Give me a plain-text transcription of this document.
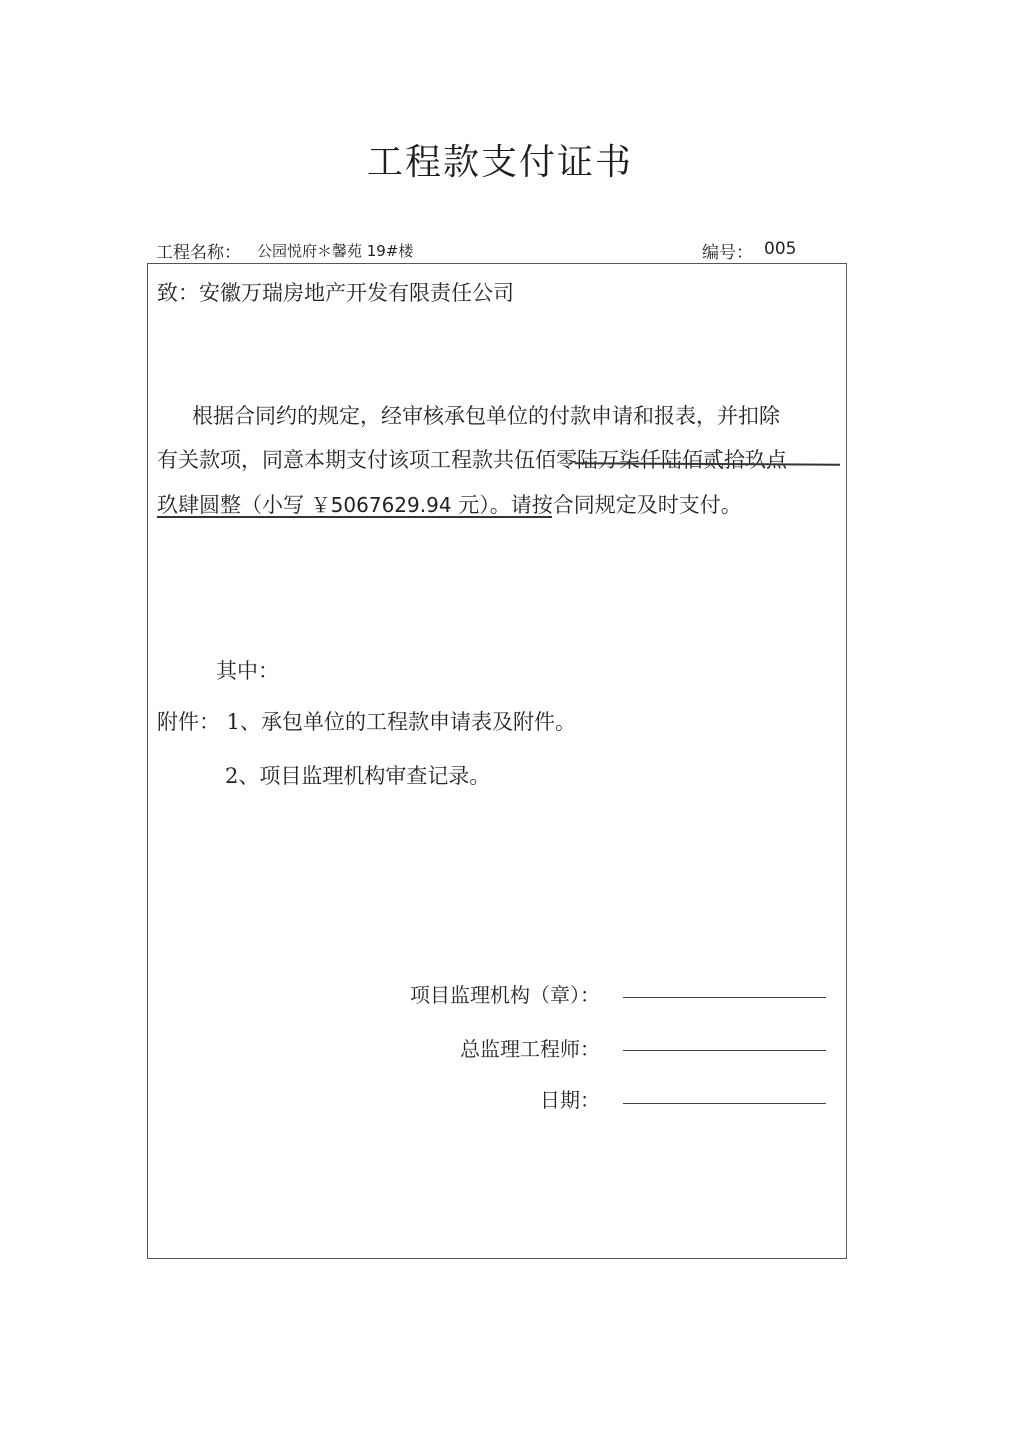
工程款支付证书
工程名称： 公园悦府＊馨苑 19#楼	编号： 005
致：安徽万瑞房地产开发有限责任公司
根据合同约的规定，经审核承包单位的付款申请和报表，并扣除
有关款项，同意本期支付该项工程款共伍佰零陆万柒仟陆佰贰拾玖点
玖肆圆整（小写 ￥5067629.94 元）。请按合同规定及时支付。
其中：
附件： 1、承包单位的工程款申请表及附件。
2、项目监理机构审查记录。
项目监理机构（章）：
总监理工程师：
日期：
